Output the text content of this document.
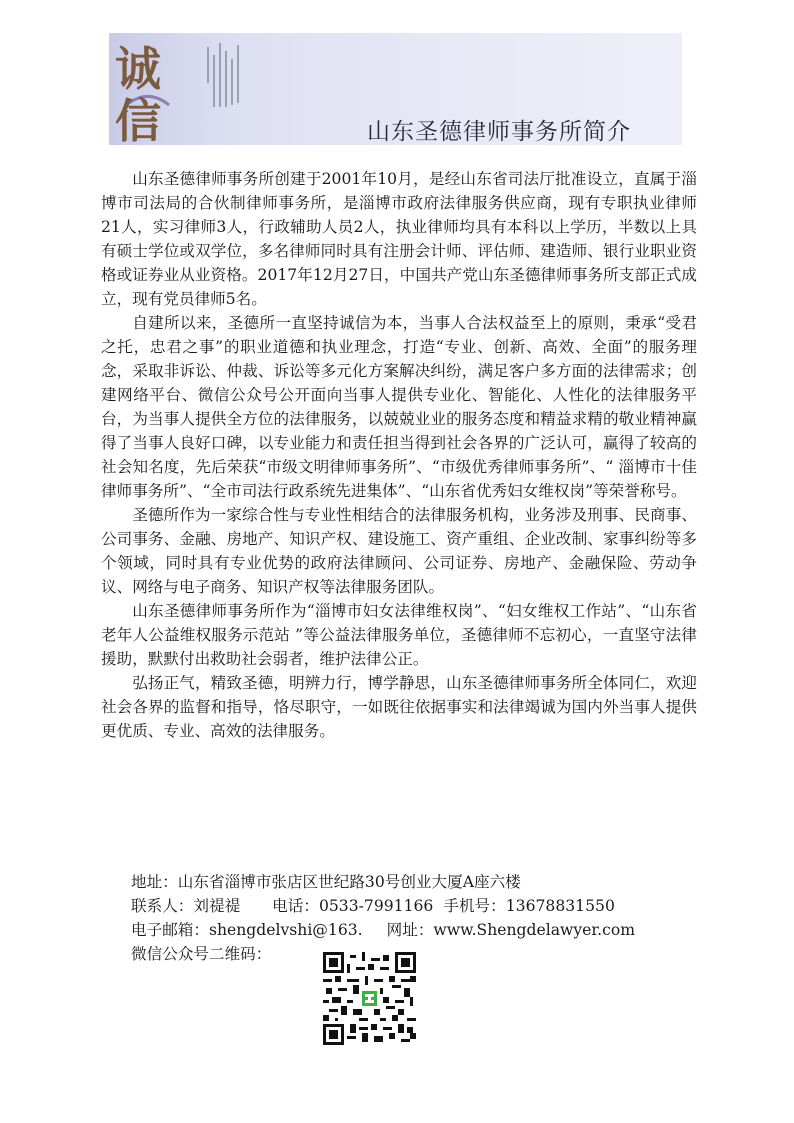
诚
信	山东圣德律师事务所简介

山东圣德律师事务所创建于2001年10月，是经山东省司法厅批准设立，直属于淄博市司法局的合伙制律师事务所，是淄博市政府法律服务供应商，现有专职执业律师21人，实习律师3人，行政辅助人员2人，执业律师均具有本科以上学历，半数以上具有硕士学位或双学位，多名律师同时具有注册会计师、评估师、建造师、银行业职业资格或证券业从业资格。2017年12月27日，中国共产党山东圣德律师事务所支部正式成立，现有党员律师5名。

自建所以来，圣德所一直坚持诚信为本，当事人合法权益至上的原则，秉承“受君之托，忠君之事”的职业道德和执业理念，打造“专业、创新、高效、全面”的服务理念，采取非诉讼、仲裁、诉讼等多元化方案解决纠纷，满足客户多方面的法律需求；创建网络平台、微信公众号公开面向当事人提供专业化、智能化、人性化的法律服务平台，为当事人提供全方位的法律服务，以兢兢业业的服务态度和精益求精的敬业精神赢得了当事人良好口碑，以专业能力和责任担当得到社会各界的广泛认可，赢得了较高的社会知名度，先后荣获“市级文明律师事务所”、“市级优秀律师事务所”、“ 淄博市十佳律师事务所”、“全市司法行政系统先进集体”、“山东省优秀妇女维权岗”等荣誉称号。

圣德所作为一家综合性与专业性相结合的法律服务机构，业务涉及刑事、民商事、公司事务、金融、房地产、知识产权、建设施工、资产重组、企业改制、家事纠纷等多个领域，同时具有专业优势的政府法律顾问、公司证券、房地产、金融保险、劳动争议、网络与电子商务、知识产权等法律服务团队。

山东圣德律师事务所作为“淄博市妇女法律维权岗”、“妇女维权工作站”、“山东省老年人公益维权服务示范站 ”等公益法律服务单位，圣德律师不忘初心，一直坚守法律援助，默默付出救助社会弱者，维护法律公正。

弘扬正气，精致圣德，明辨力行，博学静思，山东圣德律师事务所全体同仁，欢迎社会各界的监督和指导，恪尽职守，一如既往依据事实和法律竭诚为国内外当事人提供更优质、专业、高效的法律服务。

地址：山东省淄博市张店区世纪路30号创业大厦A座六楼
联系人：刘禔禔 电话：0533-7991166 手机号：13678831550
电子邮箱：shengdelvshi@163. 网址：www.Shengdelawyer.com
微信公众号二维码：
